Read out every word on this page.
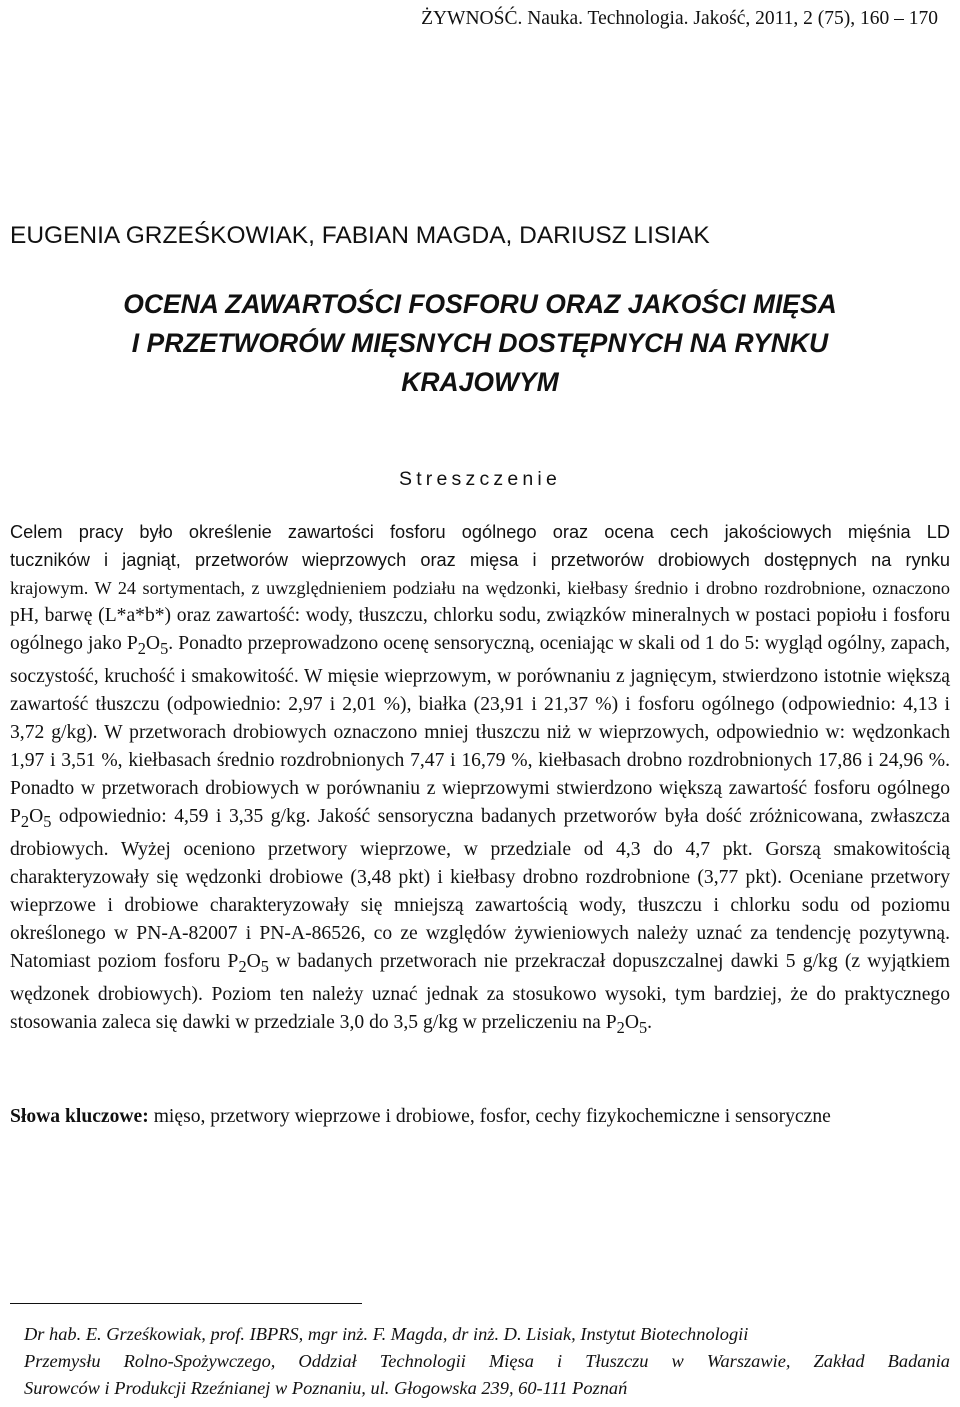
ŻYWNOŚĆ. Nauka. Technologia. Jakość, 2011, 2 (75), 160 – 170
EUGENIA GRZEŚKOWIAK, FABIAN MAGDA, DARIUSZ LISIAK
OCENA ZAWARTOŚCI FOSFORU ORAZ JAKOŚCI MIĘSA
I PRZETWORÓW MIĘSNYCH DOSTĘPNYCH NA RYNKU
KRAJOWYM
Streszczenie
Celem pracy było określenie zawartości fosforu ogólnego oraz ocena cech jakościowych mięśnia LD
tuczników i jagniąt, przetworów wieprzowych oraz mięsa i przetworów drobiowych dostępnych na rynku

krajowym. W 24 sortymentach, z uwzględnieniem podziału na wędzonki, kiełbasy średnio i drobno rozdrobnione, oznaczono pH, barwę (L*a*b*) oraz zawartość: wody, tłuszczu, chlorku sodu, związków mineralnych w postaci popiołu i fosforu ogólnego jako $P_2O_5$. Ponadto przeprowadzono ocenę sensoryczną, oceniając w skali od 1 do 5: wygląd ogólny, zapach, soczystość, kruchość i smakowitość. W mięsie wieprzowym, w porównaniu z jagnięcym, stwierdzono istotnie większą zawartość tłuszczu (odpowiednio: 2,97 i 2,01 %), białka (23,91 i 21,37 %) i fosforu ogólnego (odpowiednio: 4,13 i 3,72 g/kg). W przetworach drobiowych oznaczono mniej tłuszczu niż w wieprzowych, odpowiednio w: wędzonkach 1,97 i 3,51 %, kiełbasach średnio rozdrobnionych 7,47 i 16,79 %, kiełbasach drobno rozdrobnionych 17,86 i 24,96 %. Ponadto w przetworach drobiowych w porównaniu z wieprzowymi stwierdzono większą zawartość fosforu ogólnego $P_2O_5$ odpowiednio: 4,59 i 3,35 g/kg. Jakość sensoryczna badanych przetworów była dość zróżnicowana, zwłaszcza drobiowych. Wyżej oceniono przetwory wieprzowe, w przedziale od 4,3 do 4,7 pkt. Gorszą smakowitością charakteryzowały się wędzonki drobiowe (3,48 pkt) i kiełbasy drobno rozdrobnione (3,77 pkt). Oceniane przetwory wieprzowe i drobiowe charakteryzowały się mniejszą zawartością wody, tłuszczu i chlorku sodu od poziomu określonego w PN-A-82007 i PN-A-86526, co ze względów żywieniowych należy uznać za tendencję pozytywną. Natomiast poziom fosforu $P_2O_5$ w badanych przetworach nie przekraczał dopuszczalnej dawki 5 g/kg (z wyjątkiem wędzonek drobiowych). Poziom ten należy uznać jednak za stosukowo wysoki, tym bardziej, że do praktycznego stosowania zaleca się dawki w przedziale 3,0 do 3,5 g/kg w przeliczeniu na $P_2O_5$.

Słowa kluczowe: mięso, przetwory wieprzowe i drobiowe, fosfor, cechy fizykochemiczne i sensoryczne
Dr hab. E. Grześkowiak, prof. IBPRS, mgr inż. F. Magda, dr inż. D. Lisiak, Instytut Biotechnologii
Przemysłu Rolno-Spożywczego, Oddział Technologii Mięsa i Tłuszczu w Warszawie, Zakład Badania
Surowców i Produkcji Rzeźnianej w Poznaniu, ul. Głogowska 239, 60-111 Poznań
